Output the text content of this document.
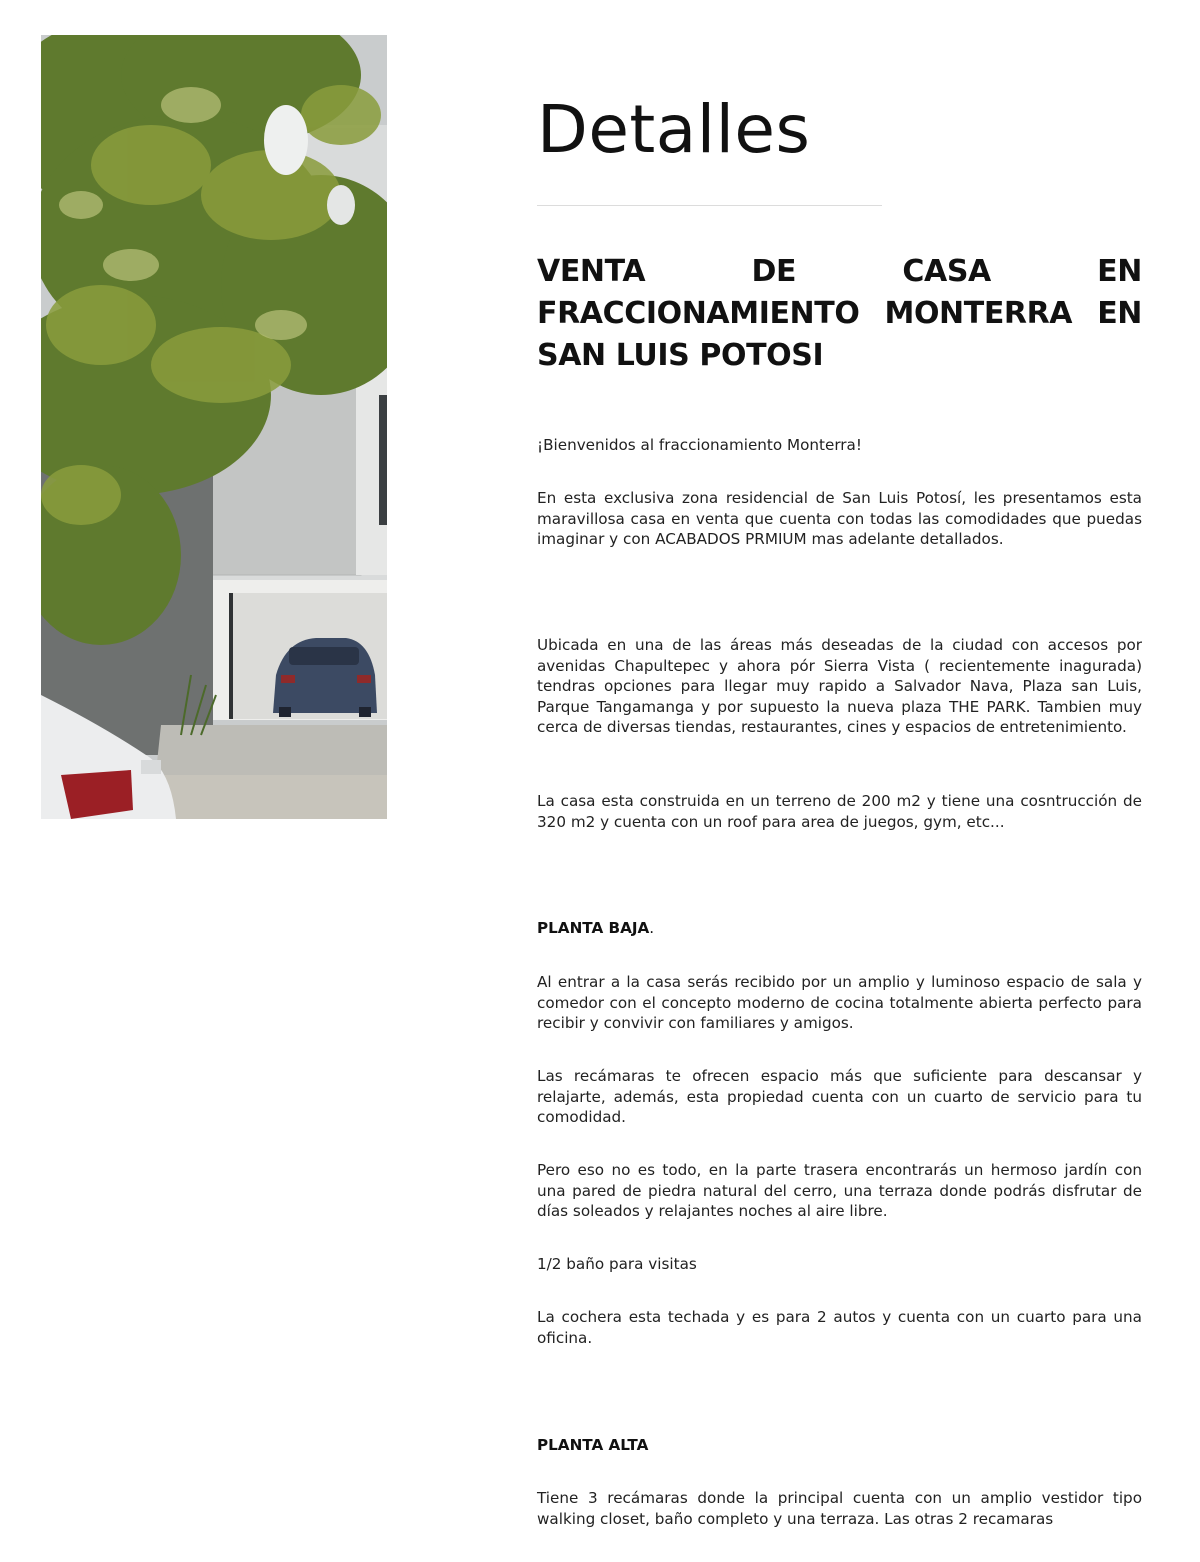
Detalles
VENTA DE CASA EN FRACCIONAMIENTO MONTERRA EN SAN LUIS POTOSI

¡Bienvenidos al fraccionamiento Monterra!

En esta exclusiva zona residencial de San Luis Potosí, les presentamos esta maravillosa casa en venta que cuenta con todas las comodidades que puedas imaginar y con ACABADOS PRMIUM mas adelante detallados.

Ubicada en una de las áreas más deseadas de la ciudad con accesos por avenidas Chapultepec y ahora pór Sierra Vista ( recientemente inagurada) tendras opciones para llegar muy rapido a Salvador Nava, Plaza san Luis, Parque Tangamanga y por supuesto la nueva plaza THE PARK. Tambien muy cerca de diversas tiendas, restaurantes, cines y espacios de entretenimiento.

La casa esta construida en un terreno de 200 m2 y tiene una cosntrucción de 320 m2 y cuenta con un roof para area de juegos, gym, etc...

PLANTA BAJA.

Al entrar a la casa serás recibido por un amplio y luminoso espacio de sala y comedor con el concepto moderno de cocina totalmente abierta perfecto para recibir y convivir con familiares y amigos.

Las recámaras te ofrecen espacio más que suficiente para descansar y relajarte, además, esta propiedad cuenta con un cuarto de servicio para tu comodidad.

Pero eso no es todo, en la parte trasera encontrarás un hermoso jardín con una pared de piedra natural del cerro, una terraza donde podrás disfrutar de días soleados y relajantes noches al aire libre.

1/2 baño para visitas

La cochera esta techada y es para 2 autos y cuenta con un cuarto para una oficina.

PLANTA ALTA

Tiene 3 recámaras donde la principal cuenta con un amplio vestidor tipo walking closet, baño completo y una terraza. Las otras 2 recamaras
